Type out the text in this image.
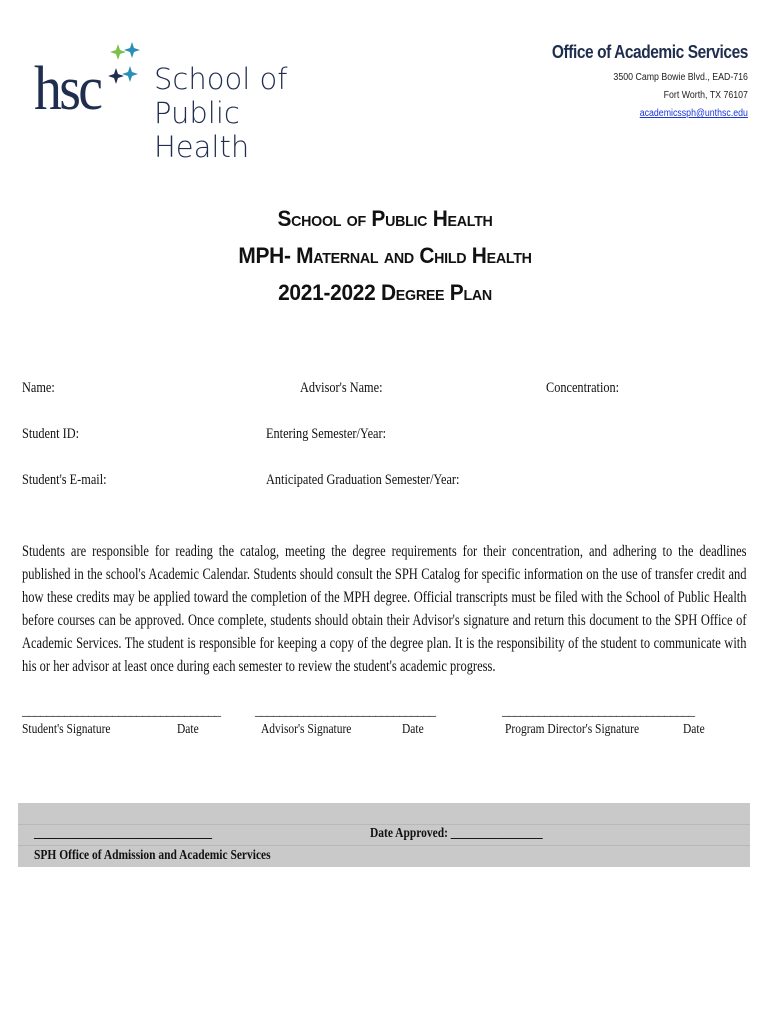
hsc School of
Public Health
Office of Academic Services
3500 Camp Bowie Blvd., EAD-716
Fort Worth, TX 76107
academicssph@unthsc.edu
School of Public Health
MPH- Maternal and Child Health
2021-2022 Degree Plan
Name:	Advisor's Name:	Concentration:
Student ID:	Entering Semester/Year:
Student's E-mail:	Anticipated Graduation Semester/Year:
Students are responsible for reading the catalog, meeting the degree requirements for their concentration, and adhering to the deadlines published in the school's Academic Calendar. Students should consult the SPH Catalog for specific information on the use of transfer credit and how these credits may be applied toward the completion of the MPH degree. Official transcripts must be filed with the School of Public Health before courses can be approved. Once complete, students should obtain their Advisor's signature and return this document to the SPH Office of Academic Services. The student is responsible for keeping a copy of the degree plan. It is the responsibility of the student to communicate with his or her advisor at least once during each semester to review the student's academic progress.
_________________________________	______________________________	________________________________
Student's Signature	Date	Advisor's Signature	Date	Program Director's Signature	Date
____________________________________	Date Approved: ________________
SPH Office of Admission and Academic Services
